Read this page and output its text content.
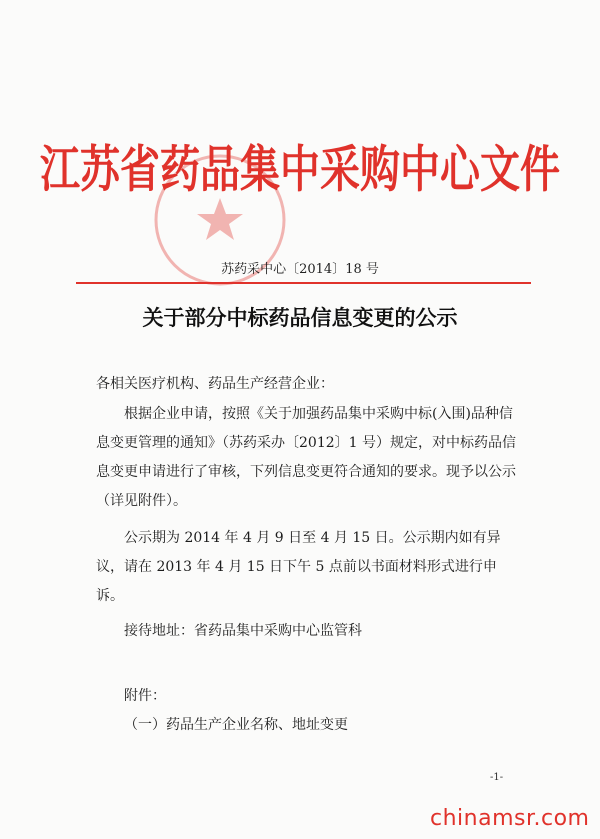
江苏省药品集中采购中心文件
苏药采中心〔2014〕18 号
关于部分中标药品信息变更的公示
各相关医疗机构、药品生产经营企业：
根据企业申请，按照《关于加强药品集中采购中标(入围)品种信息变更管理的通知》（苏药采办〔2012〕1 号）规定，对中标药品信息变更申请进行了审核，下列信息变更符合通知的要求。现予以公示（详见附件）。
公示期为 2014 年 4 月 9 日至 4 月 15 日。公示期内如有异议，请在 2013 年 4 月 15 日下午 5 点前以书面材料形式进行申诉。
接待地址：省药品集中采购中心监管科
附件：
（一）药品生产企业名称、地址变更
-1-
chinamsr.com
